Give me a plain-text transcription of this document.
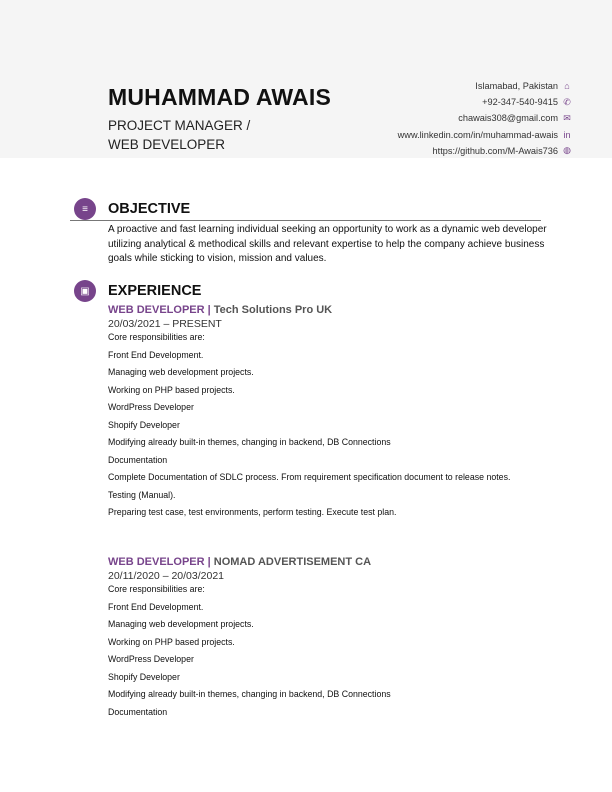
MUHAMMAD AWAIS
PROJECT MANAGER /
WEB DEVELOPER
Islamabad, Pakistan ⌂
+92-347-540-9415 ✆
chawais308@gmail.com ✉
www.linkedin.com/in/muhammad-awais in
https://github.com/M-Awais736 ◍
≡	OBJECTIVE
A proactive and fast learning individual seeking an opportunity to work as a dynamic web developer utilizing analytical & methodical skills and relevant expertise to help the company achieve business goals while sticking to vision, mission and values.
▣	EXPERIENCE
WEB DEVELOPER | Tech Solutions Pro UK
20/03/2021 – PRESENT
Core responsibilities are:
Front End Development.
Managing web development projects.
Working on PHP based projects.
WordPress Developer
Shopify Developer
Modifying already built-in themes, changing in backend, DB Connections
Documentation
Complete Documentation of SDLC process. From requirement specification document to release notes.
Testing (Manual).
Preparing test case, test environments, perform testing. Execute test plan.
WEB DEVELOPER | NOMAD ADVERTISEMENT CA
20/11/2020 – 20/03/2021
Core responsibilities are:
Front End Development.
Managing web development projects.
Working on PHP based projects.
WordPress Developer
Shopify Developer
Modifying already built-in themes, changing in backend, DB Connections
Documentation
